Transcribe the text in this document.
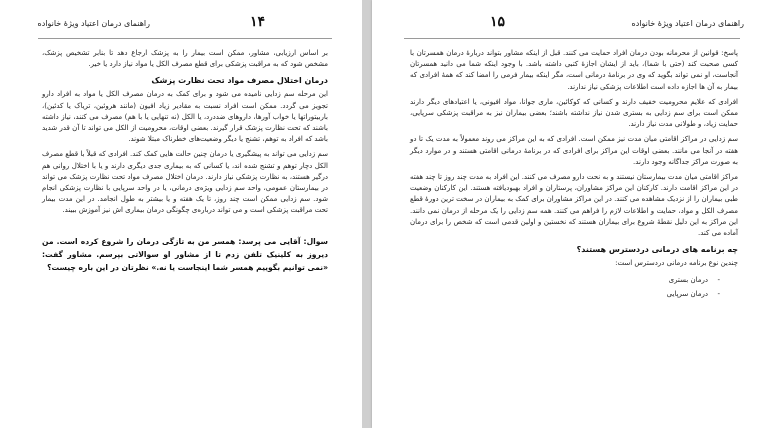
راهنمای درمان اعتیاد ویژهٔ خانواده	۱۴

بر اساس ارزیابی، مشاور، ممکن است بیمار را به پزشک ارجاع دهد تا بنابر تشخیص پزشک، مشخص شود که به مراقبت پزشکی برای قطع مصرف الکل یا مواد نیاز دارد یا خیر.

درمان اختلال مصرف مواد تحت نظارت پزشک

این مرحله سم زدایی نامیده می شود و برای کمک به درمان مصرف الکل یا مواد به افراد دارو تجویز می گردد. ممکن است افراد نسبت به مقادیر زیاد افیون (مانند هروئین، تریاک یا کدئین)، باربیتوراتها یا خواب آورها، داروهای ضددرد، یا الکل (نه تنهایی یا با هم) مصرف می کنند، نیاز داشته باشند که تحت نظارت پزشک قرار گیرند. بعضی اوقات، محرومیت از الکل می تواند تا آن قدر شدید باشد که افراد به توهم، تشنج یا دیگر وضعیت‌های خطرناک مبتلا شوند.

سم زدایی می تواند به پیشگیری یا درمان چنین حالت هایی کمک کند. افرادی که قبلاً با قطع مصرف الکل دچار توهم و تشنج شده اند، یا کسانی که به بیماری جدی دیگری دارند و یا با اختلال روانی هم درگیر هستند، به نظارت پزشکی نیاز دارند. درمان اختلال مصرف مواد تحت نظارت پزشک می تواند در بیمارستان عمومی، واحد سم زدایی ویژه‌ی درمانی، یا در واحد سرپایی با نظارت پزشکی انجام شود. سم زدایی ممکن است چند روز، تا یک هفته و یا بیشتر به طول انجامد. در این مدت بیمار تحت مراقبت پزشکی است و می تواند درباره‌ی چگونگی درمان بیماری اش نیز آموزش ببیند.

سوال: آقایی می پرسد: همسر من به تازگی درمان را شروع کرده است. من دیروز به کلینیک تلفن زدم تا از مشاور او سوالاتی بپرسم. مشاور گفت: «نمی توانیم بگوییم همسر شما اینجاست یا نه.» نظرتان در این باره چیست؟

راهنمای درمان اعتیاد ویژهٔ خانواده
۱۵

پاسخ: قوانین از محرمانه بودن درمان افراد حمایت می کنند. قبل از اینکه مشاور بتواند دربارهٔ درمان همسرتان با کسی صحبت کند (حتی با شما)، باید از ایشان اجازهٔ کتبی داشته باشد. با وجود اینکه شما می دانید همسرتان آنجاست، او نمی تواند بگوید که وی در برنامهٔ درمانی است، مگر اینکه بیمار فرمی را امضا کند که همهٔ افرادی که بیمار به آن ها اجازه داده است اطلاعات پزشکی نیاز ندارند.

افرادی که علایم محرومیت خفیف دارند و کسانی که کوکائین، ماری جوانا، مواد افیونی، یا اعتیادهای دیگر دارند ممکن است برای سم زدایی به بستری شدن نیاز نداشته باشند؛ بعضی بیماران نیز به مراقبت پزشکی سرپایی، حمایت زیاد، و طولانی مدت نیاز دارند.

سم زدایی در مراکز اقامتی میان مدت نیز ممکن است. افرادی که به این مراکز می روند معمولاً به مدت یک تا دو هفته در آنجا می مانند. بعضی اوقات این مراکز برای افرادی که در برنامهٔ درمانی اقامتی هستند و در موارد دیگر به صورت مراکز جداگانه وجود دارند.

مراکز اقامتی میان مدت بیمارستان نیستند و به نحت دارو مصرف می کنند. این افراد به مدت چند روز تا چند هفته در این مراکز اقامت دارند. کارکنان این مراکز مشاوران، پرستاران و افراد بهبودیافته هستند. این کارکنان وضعیت طبی بیماران را از نزدیک مشاهده می کنند. در این مراکز مشاوران برای کمک به بیماران در سخت ترین دورهٔ قطع مصرف الکل و مواد، حمایت و اطلاعات لازم را فراهم می کنند. همه سم زدایی را یک مرحله از درمان نمی دانند. این مراکز به این دلیل نقطهٔ شروع برای بیماران هستند که نخستین و اولین قدمی است که شخص را برای درمان آماده می کند.

چه برنامه های درمانی دردسترس هستند؟

چندین نوع برنامه درمانی دردسترس است:

-
درمان بستری
-
درمان سرپایی
